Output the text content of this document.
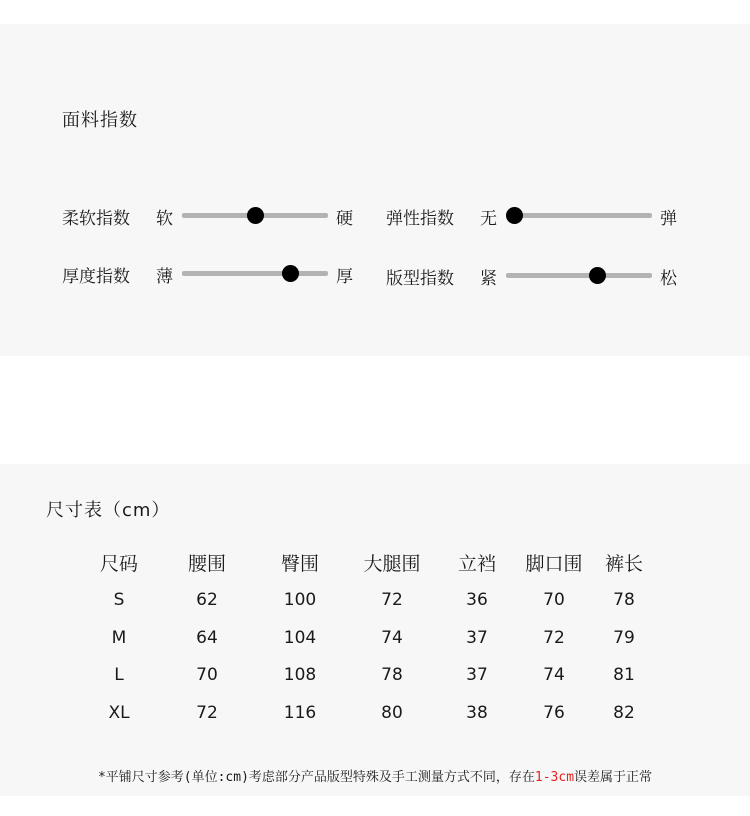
面料指数
柔软指数 软	硬 弹性指数 无	弹
厚度指数 薄	厚 版型指数 紧	松
尺寸表（cm）
尺码	腰围	臀围	大腿围	立裆	脚口围	裤长
S	62	100	72	36	70	78
M	64	104	74	37	72	79
L	70	108	78	37	74	81
XL	72	116	80	38	76	82
*平铺尺寸参考(单位:cm)考虑部分产品版型特殊及手工测量方式不同，存在1-3cm误差属于正常
